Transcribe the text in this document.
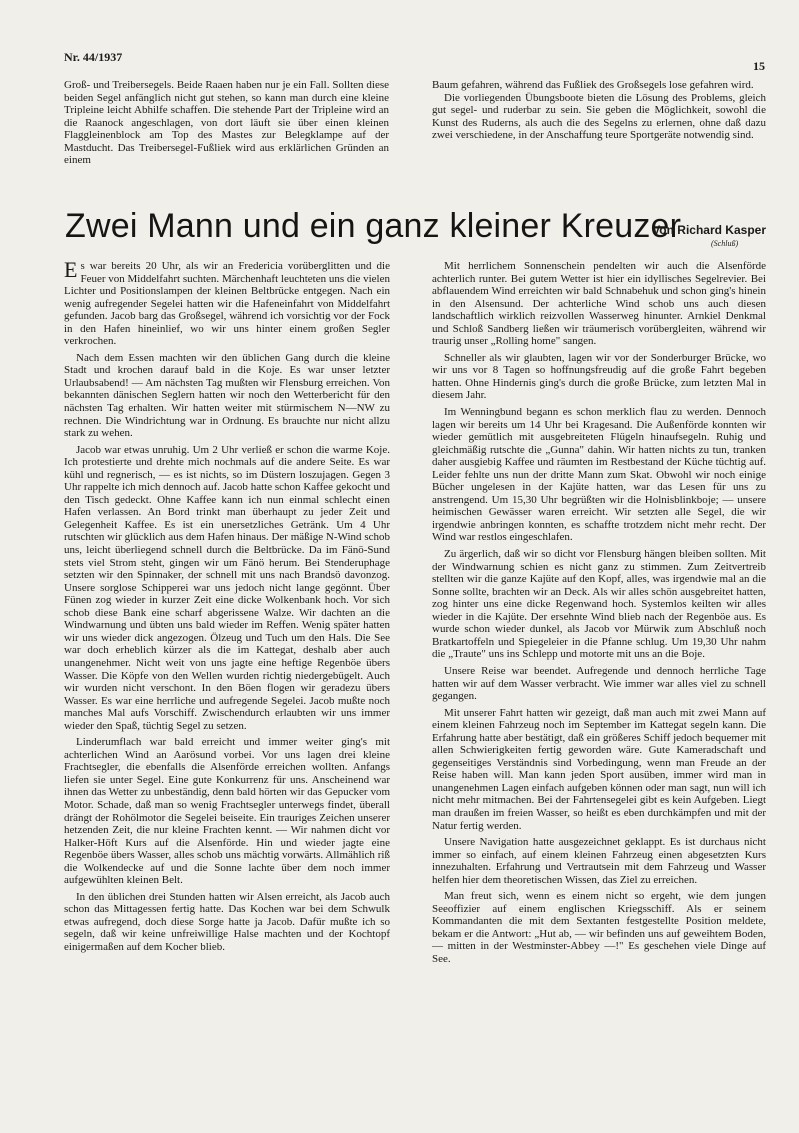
Nr. 44/1937
15

Groß- und Treibersegels. Beide Raaen haben nur je ein Fall. Sollten diese beiden Segel anfänglich nicht gut stehen, so kann man durch eine kleine Tripleine leicht Abhilfe schaffen. Die stehende Part der Tripleine wird an die Raanock angeschlagen, von dort läuft sie über einen kleinen Flaggleinenblock am Top des Mastes zur Belegklampe auf der Mastducht. Das Treibersegel-Fußliek wird aus erklärlichen Gründen an einem

Baum gefahren, während das Fußliek des Großsegels lose gefahren wird.

Die vorliegenden Übungsboote bieten die Lösung des Problems, gleich gut segel- und ruderbar zu sein. Sie geben die Möglichkeit, sowohl die Kunst des Ruderns, als auch die des Segelns zu erlernen, ohne daß dazu zwei verschiedene, in der Anschaffung teure Sportgeräte notwendig sind.

Zwei Mann und ein ganz kleiner Kreuzer
Von Richard Kasper
(Schluß)

Es war bereits 20 Uhr, als wir an Fredericia vorüberglitten und die Feuer von Middelfahrt suchten. Märchenhaft leuchteten uns die vielen Lichter und Positionslampen der kleinen Beltbrücke entgegen. Nach ein wenig aufregender Segelei hatten wir die Hafeneinfahrt von Middelfahrt gefunden. Jacob barg das Großsegel, während ich vorsichtig vor der Fock in den Hafen hineinlief, wo wir uns hinter einem großen Segler verkrochen.

Nach dem Essen machten wir den üblichen Gang durch die kleine Stadt und krochen darauf bald in die Koje. Es war unser letzter Urlaubsabend! — Am nächsten Tag mußten wir Flensburg erreichen. Von bekannten dänischen Seglern hatten wir noch den Wetterbericht für den nächsten Tag erhalten. Wir hatten weiter mit stürmischem N—NW zu rechnen. Die Windrichtung war in Ordnung. Es brauchte nur nicht allzu stark zu wehen.

Jacob war etwas unruhig. Um 2 Uhr verließ er schon die warme Koje. Ich protestierte und drehte mich nochmals auf die andere Seite. Es war kühl und regnerisch, — es ist nichts, so im Düstern loszujagen. Gegen 3 Uhr rappelte ich mich dennoch auf. Jacob hatte schon Kaffee gekocht und den Tisch gedeckt. Ohne Kaffee kann ich nun einmal schlecht einen Hafen verlassen. An Bord trinkt man überhaupt zu jeder Zeit und Gelegenheit Kaffee. Es ist ein unersetzliches Getränk. Um 4 Uhr rutschten wir glücklich aus dem Hafen hinaus. Der mäßige N-Wind schob uns, leicht überliegend schnell durch die Beltbrücke. Da im Fänö-Sund stets viel Strom steht, gingen wir um Fänö herum. Bei Stenderuphage setzten wir den Spinnaker, der schnell mit uns nach Brandsö davonzog. Unsere sorglose Schipperei war uns jedoch nicht lange gegönnt. Über Fünen zog wieder in kurzer Zeit eine dicke Wolkenbank hoch. Vor sich schob diese Bank eine scharf abgerissene Walze. Wir dachten an die Windwarnung und übten uns bald wieder im Reffen. Wenig später hatten wir uns wieder dick angezogen. Ölzeug und Tuch um den Hals. Die See war doch erheblich kürzer als die im Kattegat, deshalb aber auch unangenehmer. Nicht weit von uns jagte eine heftige Regenböe übers Wasser. Die Köpfe von den Wellen wurden richtig niedergebügelt. Auch wir wurden nicht verschont. In den Böen flogen wir geradezu übers Wasser. Es war eine herrliche und aufregende Segelei. Jacob mußte noch manches Mal aufs Vorschiff. Zwischendurch erlaubten wir uns immer wieder den Spaß, tüchtig Segel zu setzen.

Linderumflach war bald erreicht und immer weiter ging's mit achterlichen Wind an Aarösund vorbei. Vor uns lagen drei kleine Frachtsegler, die ebenfalls die Alsenförde erreichen wollten. Anfangs liefen sie unter Segel. Eine gute Konkurrenz für uns. Anscheinend war ihnen das Wetter zu unbeständig, denn bald hörten wir das Gepucker vom Motor. Schade, daß man so wenig Frachtsegler unterwegs findet, überall drängt der Rohölmotor die Segelei beiseite. Ein trauriges Zeichen unserer hetzenden Zeit, die nur kleine Frachten kennt. — Wir nahmen dicht vor Halker-Höft Kurs auf die Alsenförde. Hin und wieder jagte eine Regenböe übers Wasser, alles schob uns mächtig vorwärts. Allmählich riß die Wolkendecke auf und die Sonne lachte über dem noch immer aufgewühlten kleinen Belt.

In den üblichen drei Stunden hatten wir Alsen erreicht, als Jacob auch schon das Mittagessen fertig hatte. Das Kochen war bei dem Schwulk etwas aufregend, doch diese Sorge hatte ja Jacob. Dafür mußte ich so segeln, daß wir keine unfreiwillige Halse machten und der Kochtopf einigermaßen auf dem Kocher blieb.

Mit herrlichem Sonnenschein pendelten wir auch die Alsenförde achterlich runter. Bei gutem Wetter ist hier ein idyllisches Segelrevier. Bei abflauendem Wind erreichten wir bald Schnabehuk und schon ging's hinein in den Alsensund. Der achterliche Wind schob uns auch diesen landschaftlich wirklich reizvollen Wasserweg hinunter. Arnkiel Denkmal und Schloß Sandberg ließen wir träumerisch vorübergleiten, während wir traurig unser „Rolling home" sangen.

Schneller als wir glaubten, lagen wir vor der Sonderburger Brücke, wo wir uns vor 8 Tagen so hoffnungsfreudig auf die große Fahrt begeben hatten. Ohne Hindernis ging's durch die große Brücke, zum letzten Mal in diesem Jahr.

Im Wenningbund begann es schon merklich flau zu werden. Dennoch lagen wir bereits um 14 Uhr bei Kragesand. Die Außenförde konnten wir wieder gemütlich mit ausgebreiteten Flügeln hinaufsegeln. Ruhig und gleichmäßig rutschte die „Gunna" dahin. Wir hatten nichts zu tun, tranken daher ausgiebig Kaffee und räumten im Restbestand der Küche tüchtig auf. Leider fehlte uns nun der dritte Mann zum Skat. Obwohl wir noch einige Bücher ungelesen in der Kajüte hatten, war das Lesen für uns zu anstrengend. Um 15,30 Uhr begrüßten wir die Holnisblinkboje; — unsere heimischen Gewässer waren erreicht. Wir setzten alle Segel, die wir irgendwie anbringen konnten, es schaffte trotzdem nicht mehr recht. Der Wind war restlos eingeschlafen.

Zu ärgerlich, daß wir so dicht vor Flensburg hängen bleiben sollten. Mit der Windwarnung schien es nicht ganz zu stimmen. Zum Zeitvertreib stellten wir die ganze Kajüte auf den Kopf, alles, was irgendwie mal an die Sonne sollte, brachten wir an Deck. Als wir alles schön ausgebreitet hatten, zog hinter uns eine dicke Regenwand hoch. Systemlos keilten wir alles wieder in die Kajüte. Der ersehnte Wind blieb nach der Regenböe aus. Es wurde schon wieder dunkel, als Jacob vor Mürwik zum Abschluß noch Bratkartoffeln und Spiegeleier in die Pfanne schlug. Um 19,30 Uhr nahm die „Traute" uns ins Schlepp und motorte mit uns an die Boje.

Unsere Reise war beendet. Aufregende und dennoch herrliche Tage hatten wir auf dem Wasser verbracht. Wie immer war alles viel zu schnell gegangen.

Mit unserer Fahrt hatten wir gezeigt, daß man auch mit zwei Mann auf einem kleinen Fahrzeug noch im September im Kattegat segeln kann. Die Erfahrung hatte aber bestätigt, daß ein größeres Schiff jedoch bequemer mit allen Schwierigkeiten fertig geworden wäre. Gute Kameradschaft und gegenseitiges Verständnis sind Vorbedingung, wenn man Freude an der Reise haben will. Man kann jeden Sport ausüben, immer wird man in unangenehmen Lagen einfach aufgeben können oder man sagt, nun will ich nicht mehr mitmachen. Bei der Fahrtensegelei gibt es kein Aufgeben. Liegt man draußen im freien Wasser, so heißt es eben durchkämpfen und mit der Natur fertig werden.

Unsere Navigation hatte ausgezeichnet geklappt. Es ist durchaus nicht immer so einfach, auf einem kleinen Fahrzeug einen abgesetzten Kurs innezuhalten. Erfahrung und Vertrautsein mit dem Fahrzeug und Wasser helfen hier dem theoretischen Wissen, das Ziel zu erreichen.

Man freut sich, wenn es einem nicht so ergeht, wie dem jungen Seeoffizier auf einem englischen Kriegsschiff. Als er seinem Kommandanten die mit dem Sextanten festgestellte Position meldete, bekam er die Antwort: „Hut ab, — wir befinden uns auf geweihtem Boden, — mitten in der Westminster-Abbey —!" Es geschehen viele Dinge auf See.
